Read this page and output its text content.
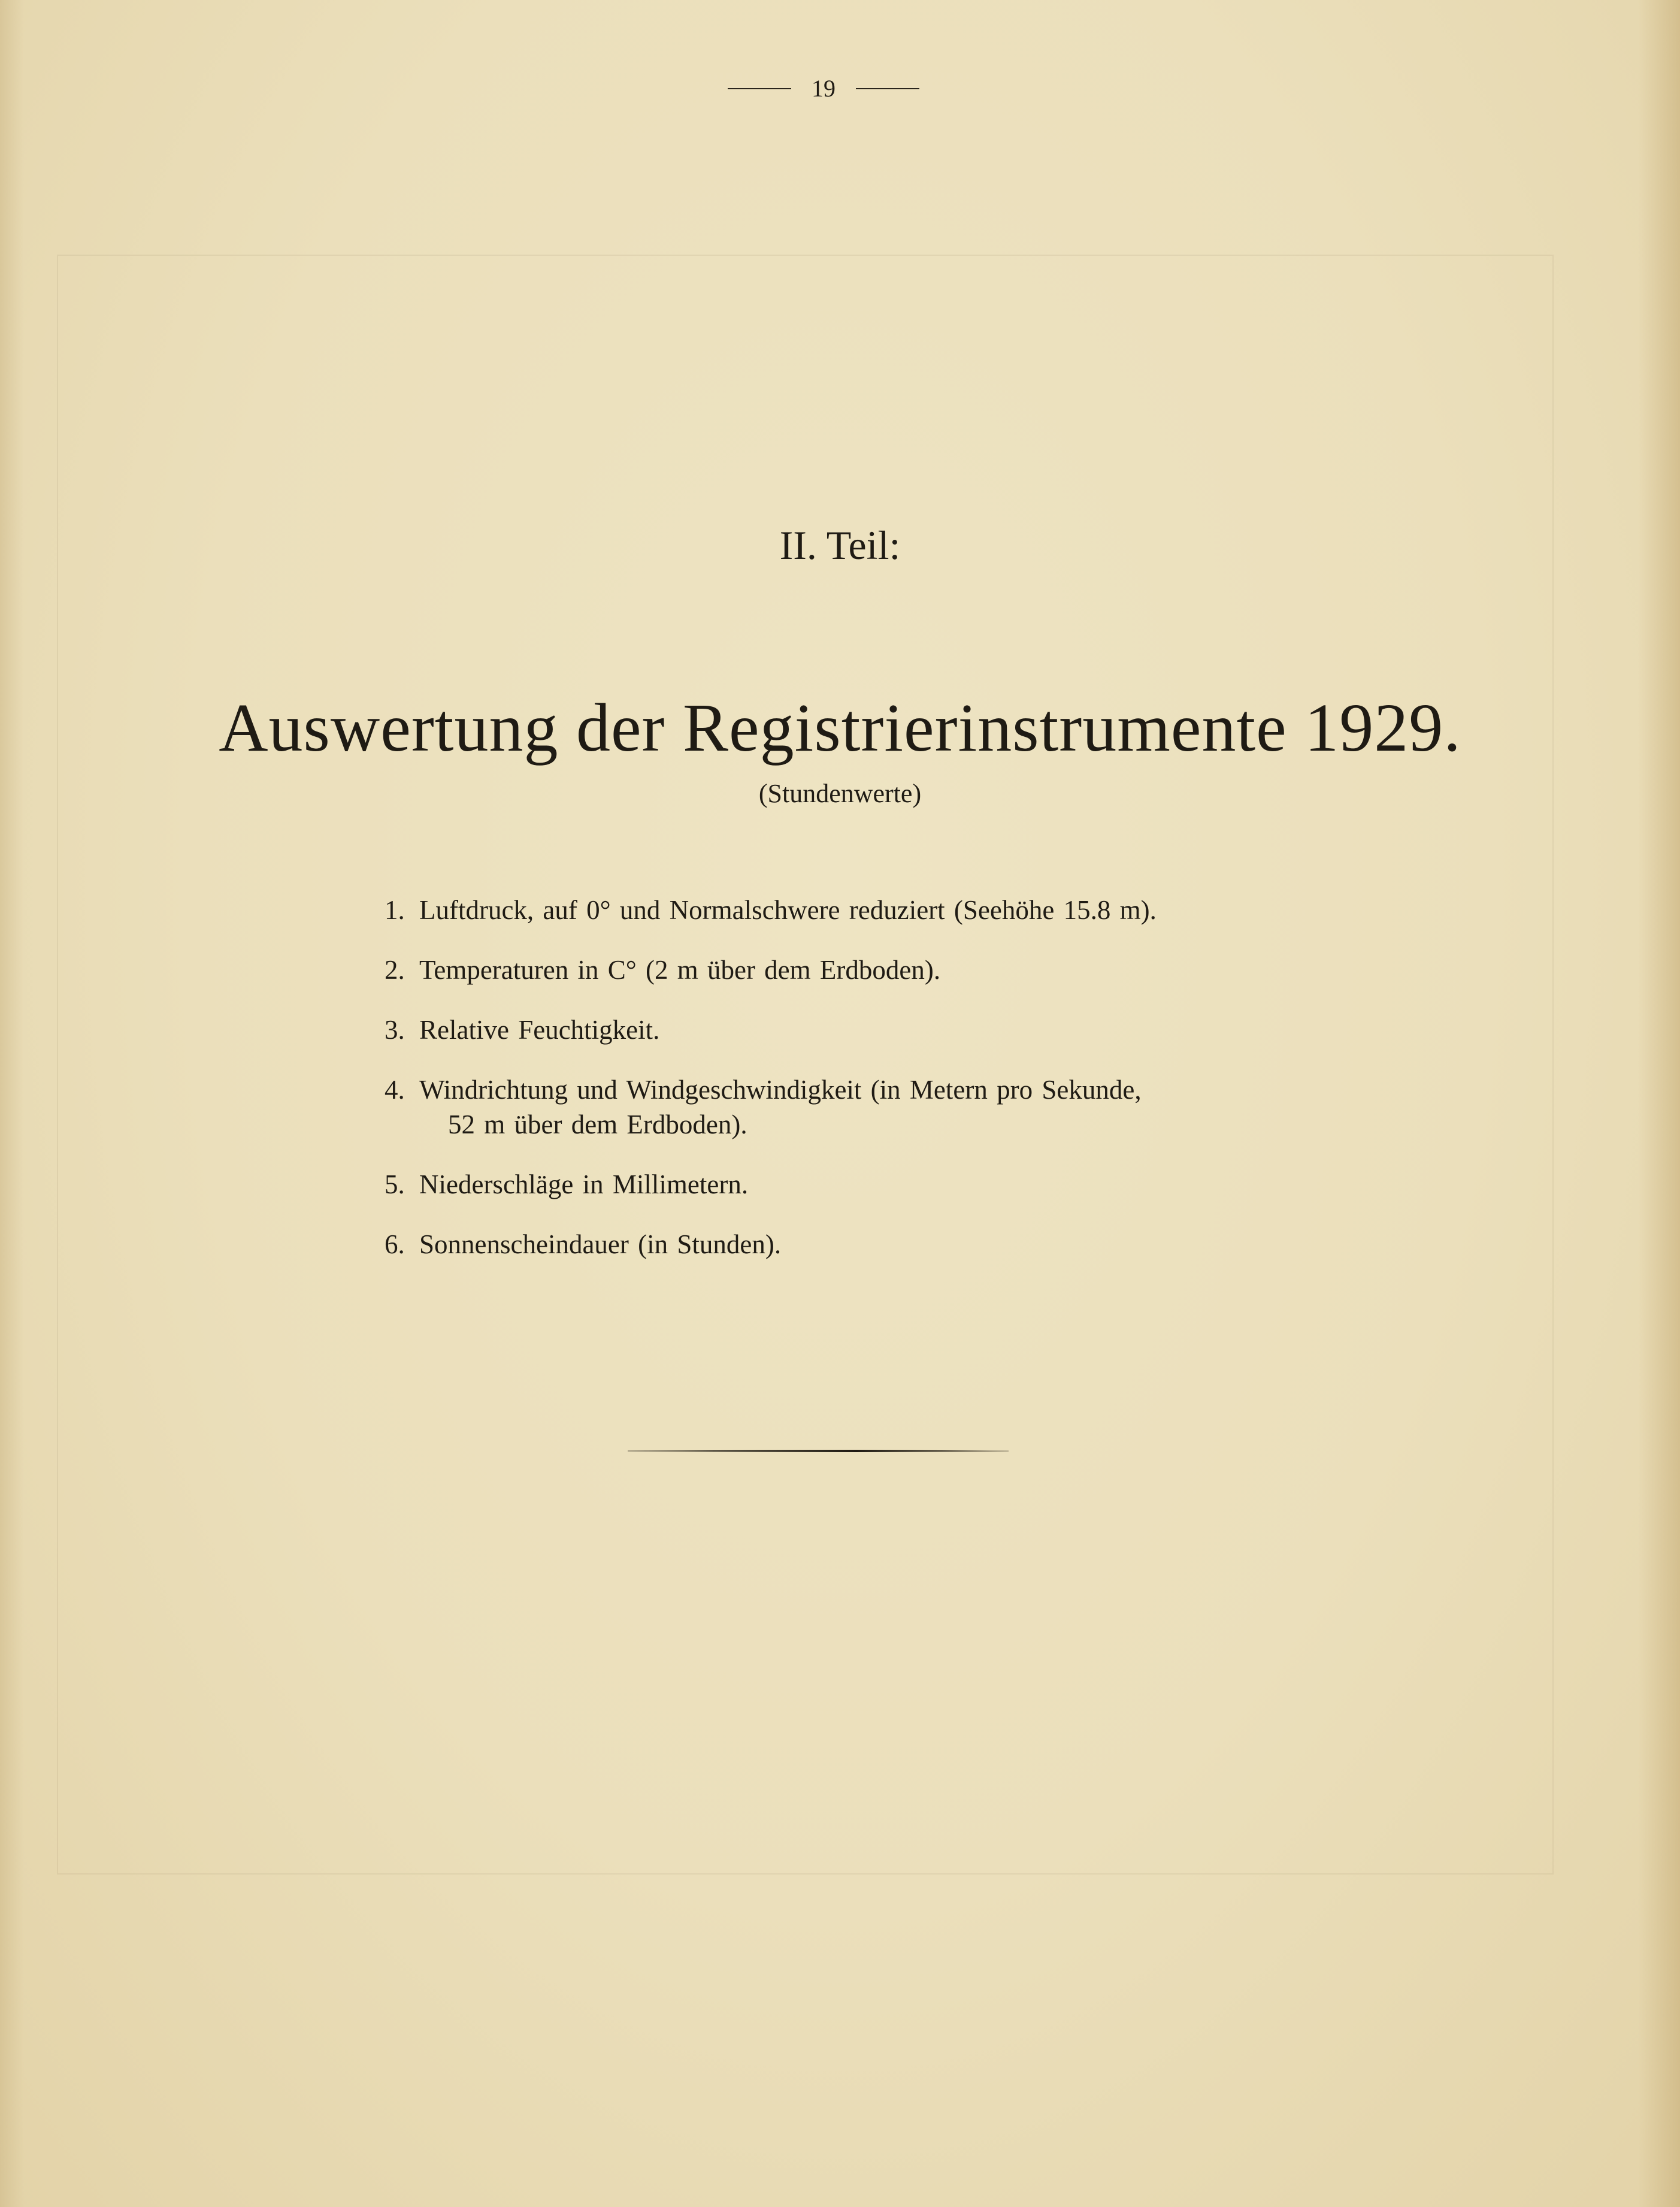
19
II. Teil:
Auswertung der Registrierinstrumente 1929.
(Stundenwerte)
1. Luftdruck, auf 0° und Normalschwere reduziert (Seehöhe 15.8 m).
2. Temperaturen in C° (2 m über dem Erdboden).
3. Relative Feuchtigkeit.
4. Windrichtung und Windgeschwindigkeit (in Metern pro Sekunde,
52 m über dem Erdboden).
5. Niederschläge in Millimetern.
6. Sonnenscheindauer (in Stunden).
